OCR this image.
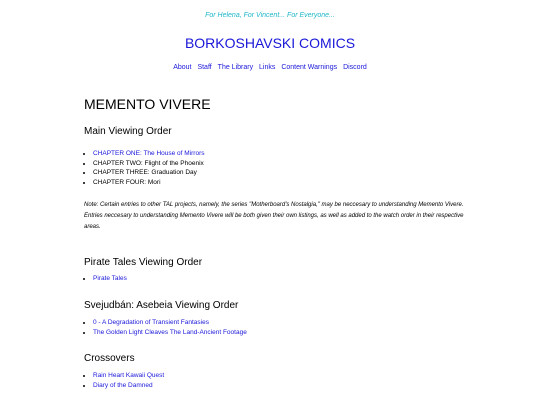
For Helena, For Vincent... For Everyone...

BORKOSHAVSKI COMICS
About Staff The Library Links Content Warnings Discord
MEMENTO VIVERE
Main Viewing Order
• CHAPTER ONE: The House of Mirrors
• CHAPTER TWO: Flight of the Phoenix
• CHAPTER THREE: Graduation Day
• CHAPTER FOUR: Mori

Note: Certain entries to other TAL projects, namely, the series "Motherboard's Nostalgia," may be neccesary to understanding Memento Vivere. Entries neccesary to understanding Memento Vivere will be both given their own listings, as well as added to the watch order in their respective areas.

Pirate Tales Viewing Order
• Pirate Tales
Svejudbán: Asebeia Viewing Order
• 0 - A Degradation of Transient Fantasies
• The Golden Light Cleaves The Land-Ancient Footage
Crossovers
• Rain Heart Kawaii Quest
• Diary of the Damned
